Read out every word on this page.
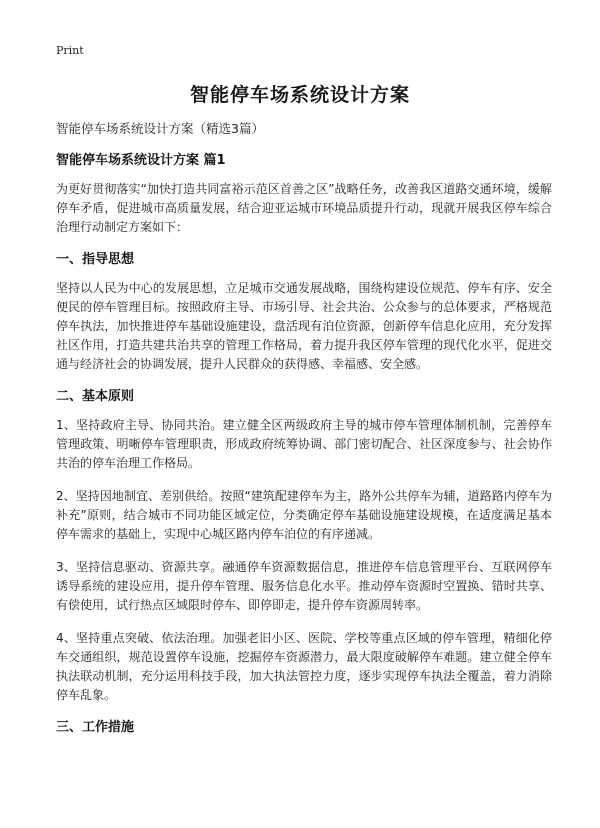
Print
智能停车场系统设计方案

智能停车场系统设计方案（精选3篇）

智能停车场系统设计方案 篇1

为更好贯彻落实“加快打造共同富裕示范区首善之区”战略任务，改善我区道路交通环境，缓解停车矛盾，促进城市高质量发展，结合迎亚运城市环境品质提升行动，现就开展我区停车综合治理行动制定方案如下：

一、指导思想

坚持以人民为中心的发展思想，立足城市交通发展战略，围绕构建设位规范、停车有序、安全便民的停车管理目标。按照政府主导、市场引导、社会共治、公众参与的总体要求，严格规范停车执法，加快推进停车基础设施建设，盘活现有泊位资源，创新停车信息化应用，充分发挥社区作用，打造共建共治共享的管理工作格局，着力提升我区停车管理的现代化水平，促进交通与经济社会的协调发展，提升人民群众的获得感、幸福感、安全感。

二、基本原则

1、坚持政府主导、协同共治。建立健全区两级政府主导的城市停车管理体制机制，完善停车管理政策、明晰停车管理职责，形成政府统筹协调、部门密切配合、社区深度参与、社会协作共治的停车治理工作格局。

2、坚持因地制宜、差别供给。按照“建筑配建停车为主，路外公共停车为辅，道路路内停车为补充”原则，结合城市不同功能区域定位，分类确定停车基础设施建设规模，在适度满足基本停车需求的基础上，实现中心城区路内停车泊位的有序递减。

3、坚持信息驱动、资源共享。融通停车资源数据信息，推进停车信息管理平台、互联网停车诱导系统的建设应用，提升停车管理、服务信息化水平。推动停车资源时空置换、错时共享、有偿使用，试行热点区域限时停车、即停即走，提升停车资源周转率。

4、坚持重点突破、依法治理。加强老旧小区、医院、学校等重点区域的停车管理，精细化停车交通组织，规范设置停车设施，挖掘停车资源潜力，最大限度破解停车难题。建立健全停车执法联动机制，充分运用科技手段，加大执法管控力度，逐步实现停车执法全覆盖，着力消除停车乱象。

三、工作措施
